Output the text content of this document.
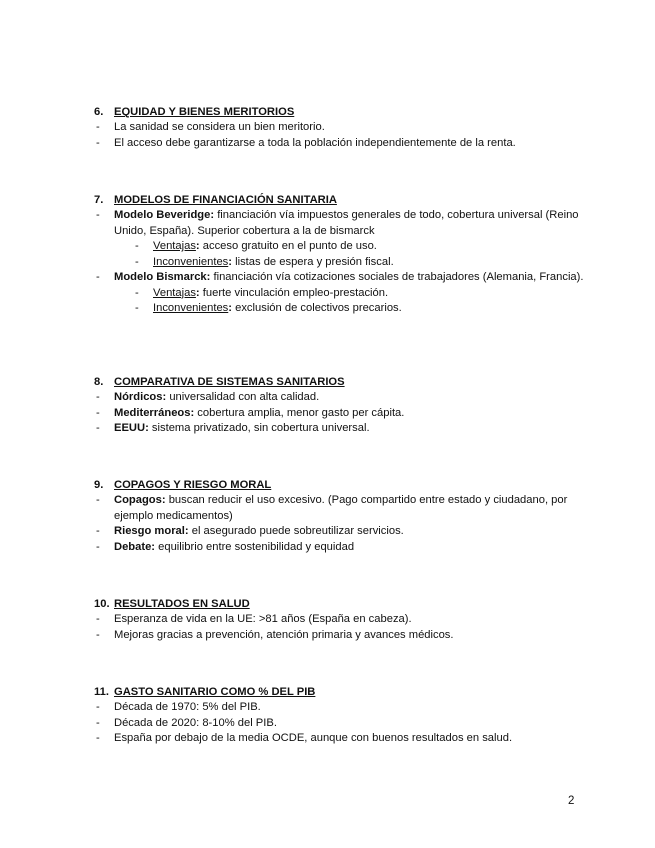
6. EQUIDAD Y BIENES MERITORIOS
- La sanidad se considera un bien meritorio.
- El acceso debe garantizarse a toda la población independientemente de la renta.
7. MODELOS DE FINANCIACIÓN SANITARIA
- Modelo Beveridge: financiación vía impuestos generales de todo, cobertura universal (Reino Unido, España). Superior cobertura a la de bismarck
- Ventajas: acceso gratuito en el punto de uso.
- Inconvenientes: listas de espera y presión fiscal.
- Modelo Bismarck: financiación vía cotizaciones sociales de trabajadores (Alemania, Francia).
- Ventajas: fuerte vinculación empleo-prestación.
- Inconvenientes: exclusión de colectivos precarios.
8. COMPARATIVA DE SISTEMAS SANITARIOS
- Nórdicos: universalidad con alta calidad.
- Mediterráneos: cobertura amplia, menor gasto per cápita.
- EEUU: sistema privatizado, sin cobertura universal.
9. COPAGOS Y RIESGO MORAL
- Copagos: buscan reducir el uso excesivo. (Pago compartido entre estado y ciudadano, por ejemplo medicamentos)
- Riesgo moral: el asegurado puede sobreutilizar servicios.
- Debate: equilibrio entre sostenibilidad y equidad
10. RESULTADOS EN SALUD
- Esperanza de vida en la UE: >81 años (España en cabeza).
- Mejoras gracias a prevención, atención primaria y avances médicos.
11. GASTO SANITARIO COMO % DEL PIB
- Década de 1970: 5% del PIB.
- Década de 2020: 8-10% del PIB.
- España por debajo de la media OCDE, aunque con buenos resultados en salud.
2
